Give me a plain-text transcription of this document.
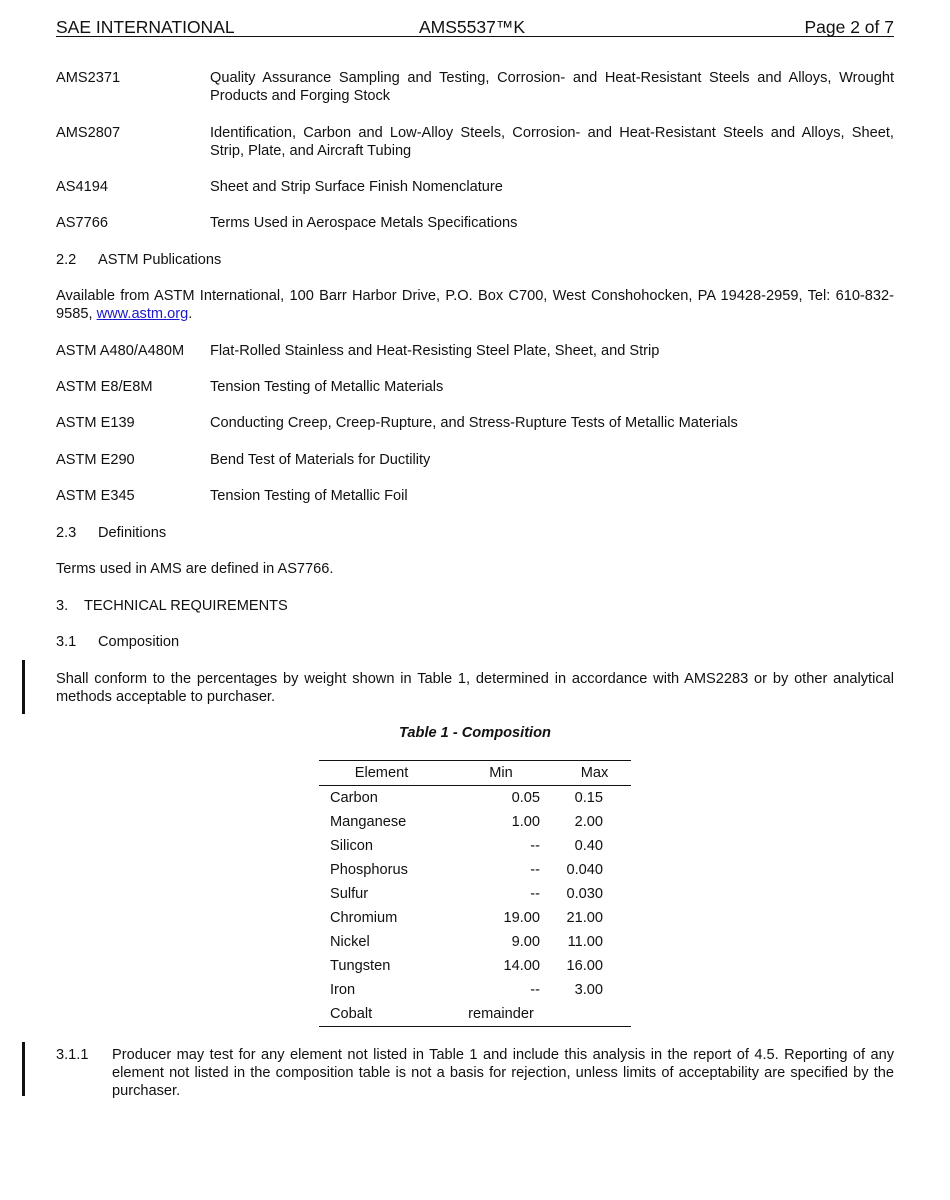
SAE INTERNATIONAL	AMS5537™K	Page 2 of 7
AMS2371	Quality Assurance Sampling and Testing, Corrosion- and Heat-Resistant Steels and Alloys, Wrought Products and Forging Stock
AMS2807	Identification, Carbon and Low-Alloy Steels, Corrosion- and Heat-Resistant Steels and Alloys, Sheet, Strip, Plate, and Aircraft Tubing
AS4194	Sheet and Strip Surface Finish Nomenclature
AS7766	Terms Used in Aerospace Metals Specifications
2.2 ASTM Publications
Available from ASTM International, 100 Barr Harbor Drive, P.O. Box C700, West Conshohocken, PA 19428-2959, Tel: 610-832-9585, www.astm.org.
ASTM A480/A480M Flat-Rolled Stainless and Heat-Resisting Steel Plate, Sheet, and Strip
ASTM E8/E8M	Tension Testing of Metallic Materials
ASTM E139	Conducting Creep, Creep-Rupture, and Stress-Rupture Tests of Metallic Materials
ASTM E290	Bend Test of Materials for Ductility
ASTM E345	Tension Testing of Metallic Foil
2.3 Definitions
Terms used in AMS are defined in AS7766.
3. TECHNICAL REQUIREMENTS
3.1 Composition
Shall conform to the percentages by weight shown in Table 1, determined in accordance with AMS2283 or by other analytical methods acceptable to purchaser.
Table 1 - Composition
Element	Min	Max
Carbon	0.05	0.15
Manganese	1.00	2.00
Silicon	--	0.40
Phosphorus	--	0.040
Sulfur	--	0.030
Chromium	19.00	21.00
Nickel	9.00	11.00
Tungsten	14.00	16.00
Iron	--	3.00
Cobalt	remainder	
3.1.1 Producer may test for any element not listed in Table 1 and include this analysis in the report of 4.5. Reporting of any element not listed in the composition table is not a basis for rejection, unless limits of acceptability are specified by the purchaser.
